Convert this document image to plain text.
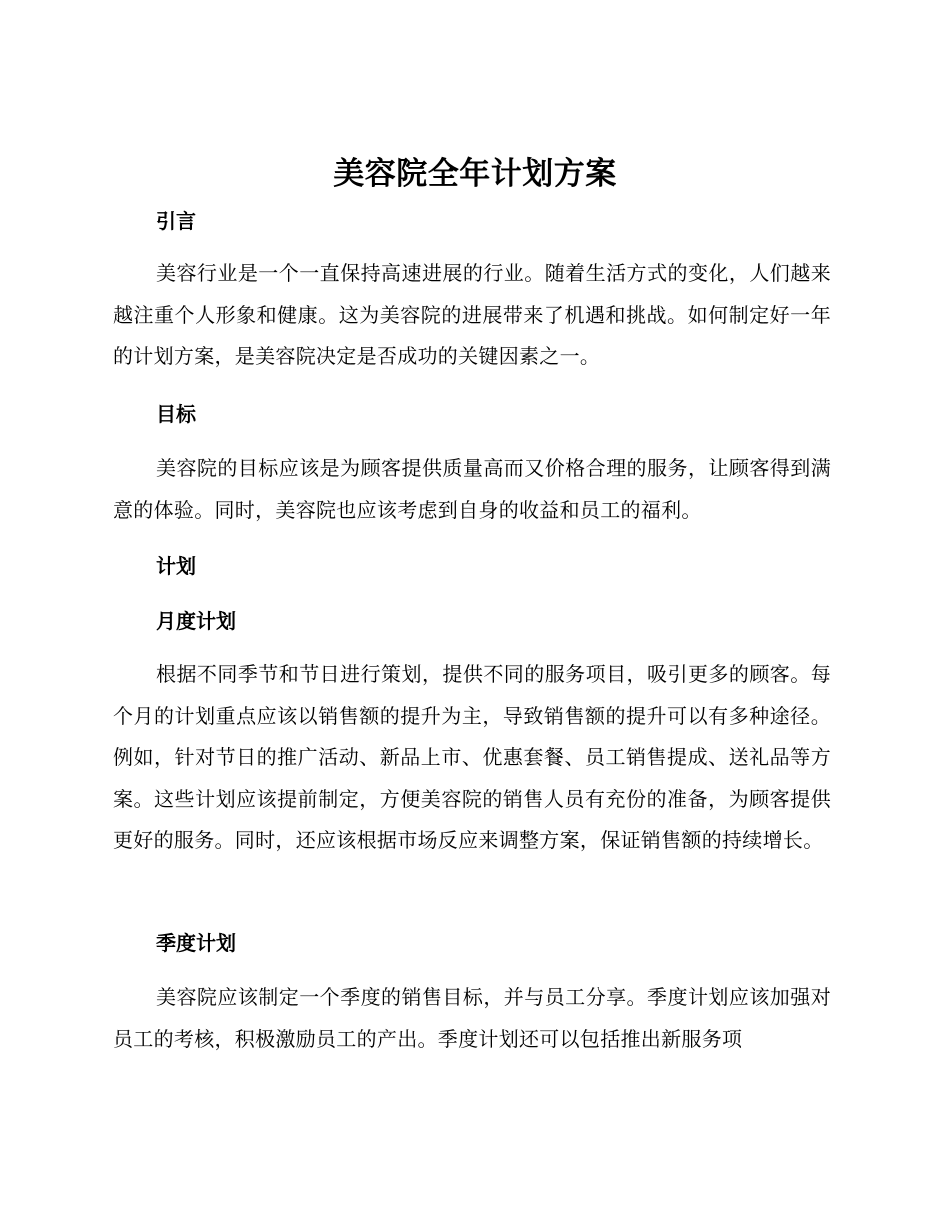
美容院全年计划方案
引言
美容行业是一个一直保持高速进展的行业。随着生活方式的变化，人们越来越注重个人形象和健康。这为美容院的进展带来了机遇和挑战。如何制定好一年的计划方案，是美容院决定是否成功的关键因素之一。
目标
美容院的目标应该是为顾客提供质量高而又价格合理的服务，让顾客得到满意的体验。同时，美容院也应该考虑到自身的收益和员工的福利。
计划
月度计划
根据不同季节和节日进行策划，提供不同的服务项目，吸引更多的顾客。每个月的计划重点应该以销售额的提升为主，导致销售额的提升可以有多种途径。例如，针对节日的推广活动、新品上市、优惠套餐、员工销售提成、送礼品等方案。这些计划应该提前制定，方便美容院的销售人员有充份的准备，为顾客提供更好的服务。同时，还应该根据市场反应来调整方案，保证销售额的持续增长。
季度计划
美容院应该制定一个季度的销售目标，并与员工分享。季度计划应该加强对员工的考核，积极激励员工的产出。季度计划还可以包括推出新服务项
